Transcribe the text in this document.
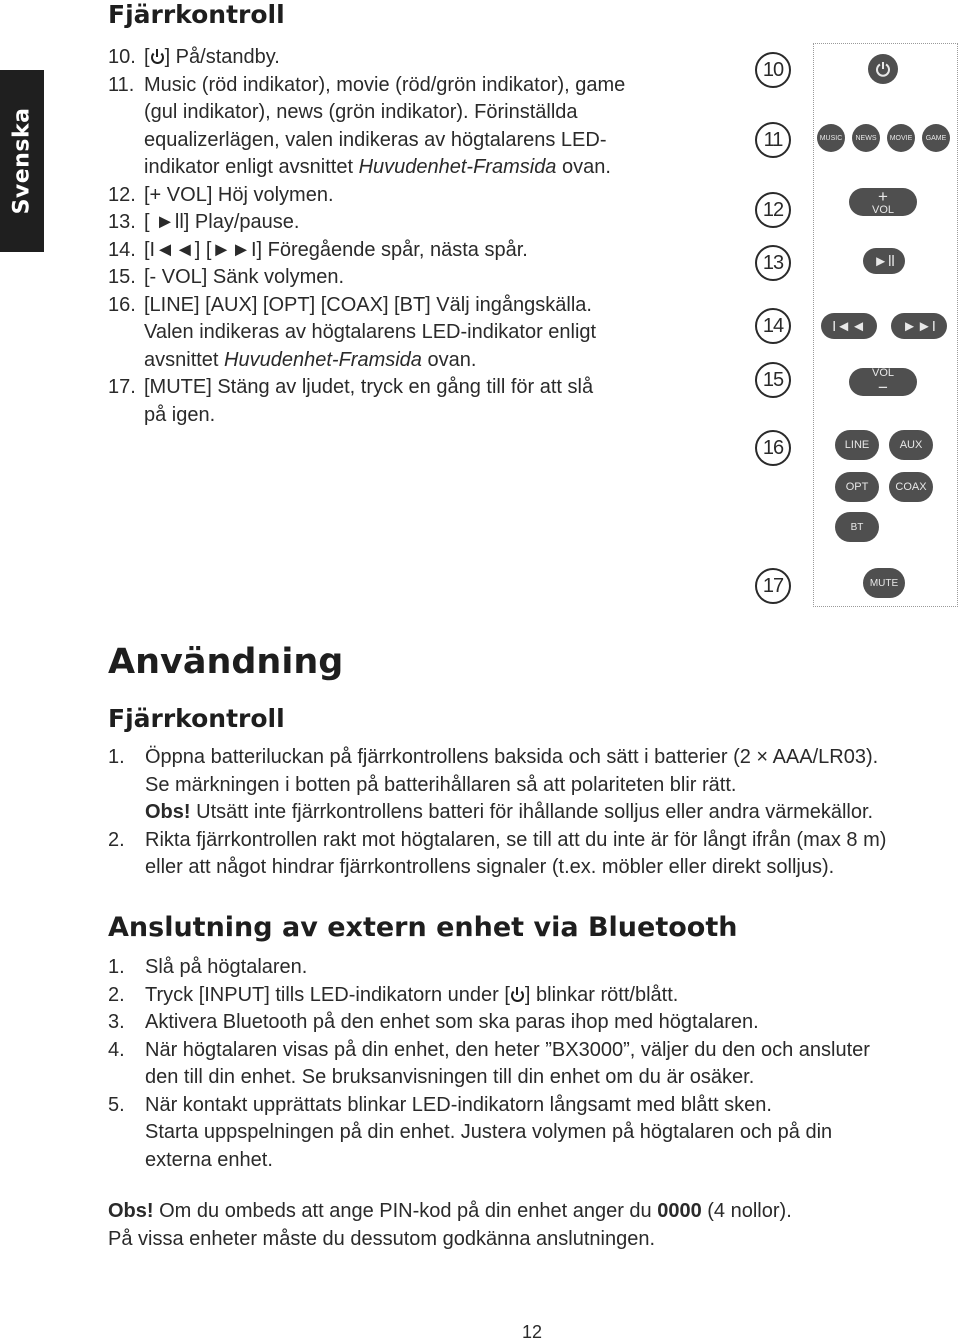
Svenska
Fjärrkontroll
10. [ ] På/standby.
11. Music (röd indikator), movie (röd/grön indikator), game
(gul indikator), news (grön indikator). Förinställda
equalizerlägen, valen indikeras av högtalarens LED-
indikator enligt avsnittet Huvudenhet-Framsida ovan.
12. [+ VOL] Höj volymen.
13. [ ►ll] Play/pause.
14. [I◄◄] [►►I] Föregående spår, nästa spår.
15. [- VOL] Sänk volymen.
16. [LINE] [AUX] [OPT] [COAX] [BT] Välj ingångskälla.
Valen indikeras av högtalarens LED-indikator enligt
avsnittet Huvudenhet-Framsida ovan.
17. [MUTE] Stäng av ljudet, tryck en gång till för att slå
på igen.
10
11
12
13
14
15
16
17
MUSIC	NEWS	MOVIE	GAME
+
VOL
►ll
I◄◄ ►►I
VOL
−
LINE	AUX
OPT	COAX
BT
MUTE
Användning
Fjärrkontroll
1. Öppna batteriluckan på fjärrkontrollens baksida och sätt i batterier (2 × AAA/LR03).
Se märkningen i botten på batterihållaren så att polariteten blir rätt.
Obs! Utsätt inte fjärrkontrollens batteri för ihållande solljus eller andra värmekällor.
2. Rikta fjärrkontrollen rakt mot högtalaren, se till att du inte är för långt ifrån (max 8 m)
eller att något hindrar fjärrkontrollens signaler (t.ex. möbler eller direkt solljus).
Anslutning av extern enhet via Bluetooth
1. Slå på högtalaren.
2. Tryck [INPUT] tills LED-indikatorn under [ ] blinkar rött/blått.
3. Aktivera Bluetooth på den enhet som ska paras ihop med högtalaren.
4. När högtalaren visas på din enhet, den heter ”BX3000”, väljer du den och ansluter
den till din enhet. Se bruksanvisningen till din enhet om du är osäker.
5. När kontakt upprättats blinkar LED-indikatorn långsamt med blått sken.
Starta uppspelningen på din enhet. Justera volymen på högtalaren och på din
externa enhet.
Obs! Om du ombeds att ange PIN-kod på din enhet anger du 0000 (4 nollor).
På vissa enheter måste du dessutom godkänna anslutningen.
12
